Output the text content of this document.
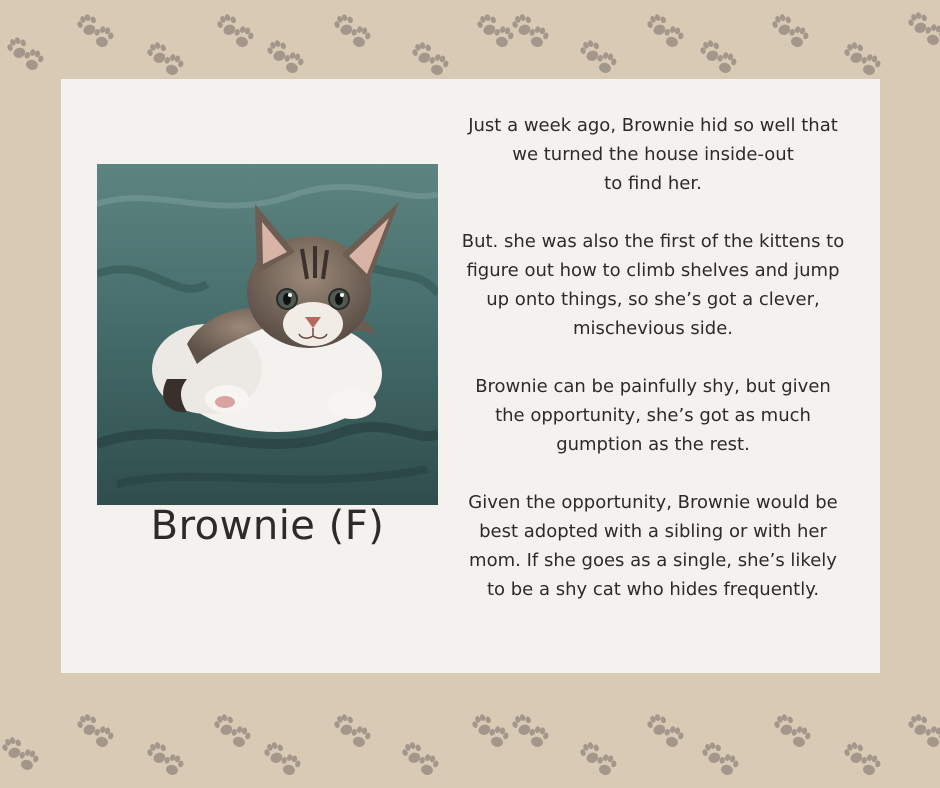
Brownie (F)

Just a week ago, Brownie hid so well that
we turned the house inside-out
to find her.

But. she was also the first of the kittens to
figure out how to climb shelves and jump
up onto things, so she’s got a clever,
mischevious side.

Brownie can be painfully shy, but given
the opportunity, she’s got as much
gumption as the rest.

Given the opportunity, Brownie would be
best adopted with a sibling or with her
mom. If she goes as a single, she’s likely
to be a shy cat who hides frequently.
